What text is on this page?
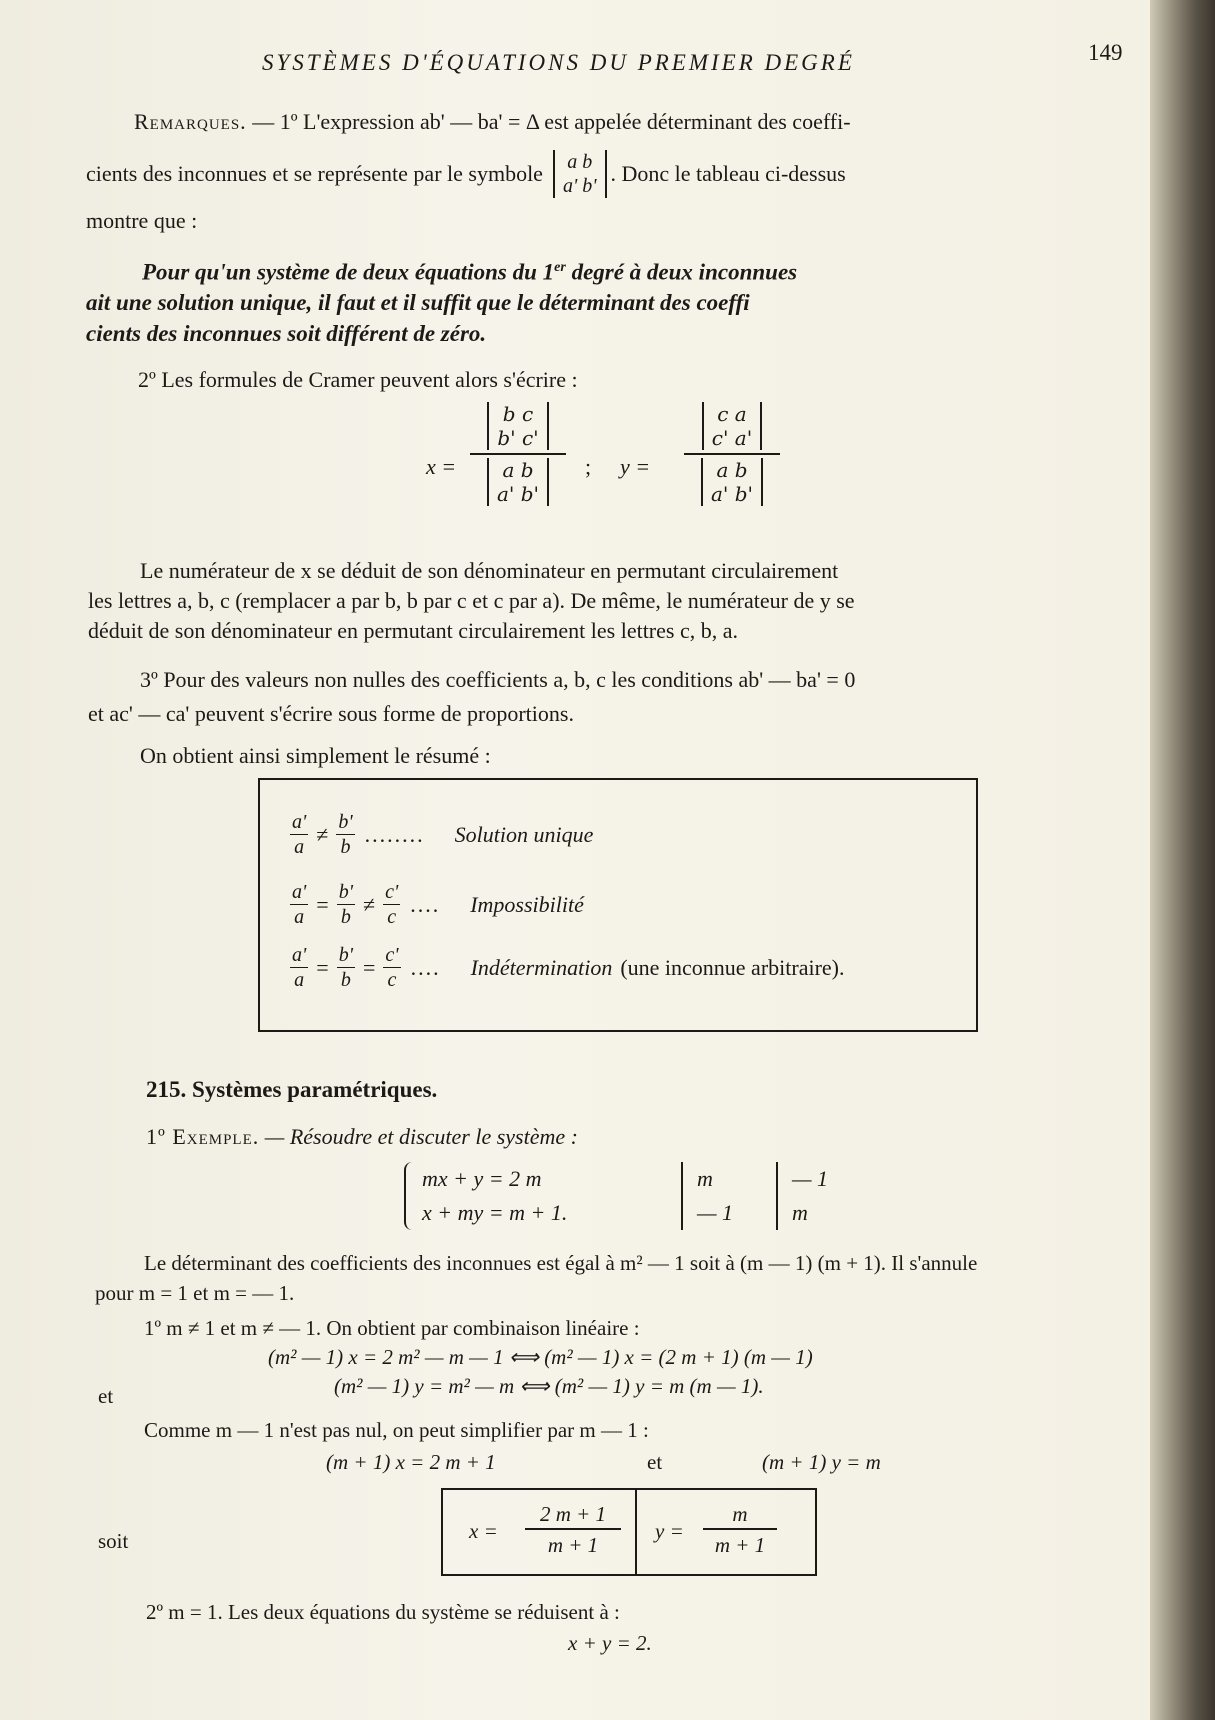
SYSTÈMES D'ÉQUATIONS DU PREMIER DEGRÉ	149
Remarques. — 1º L'expression ab' — ba' = Δ est appelée déterminant des coeffi-
cients des inconnues et se représente par le symbole a b
a' b' . Donc le tableau ci-dessus
montre que :
Pour qu'un système de deux équations du 1er degré à deux inconnues
ait une solution unique, il faut et il suffit que le déterminant des coeffi
cients des inconnues soit différent de zéro.
2º Les formules de Cramer peuvent alors s'écrire :
x =
b c
b' c'
a b
a' b'
; y =
c a
c' a'
a b
a' b'
Le numérateur de x se déduit de son dénominateur en permutant circulairement
les lettres a, b, c (remplacer a par b, b par c et c par a). De même, le numérateur de y se
déduit de son dénominateur en permutant circulairement les lettres c, b, a.
3º Pour des valeurs non nulles des coefficients a, b, c les conditions ab' — ba' = 0
et ac' — ca' peuvent s'écrire sous forme de proportions.
On obtient ainsi simplement le résumé :
$\frac{a'}{a} \ne \frac{b'}{b}$ ........	Solution unique
$\frac{a'}{a} = \frac{b'}{b} \ne \frac{c'}{c}$ ....	Impossibilité
$\frac{a'}{a} = \frac{b'}{b} = \frac{c'}{c}$ ....	Indétermination (une inconnue arbitraire).
215. Systèmes paramétriques.
1º Exemple. — Résoudre et discuter le système :
mx + y = 2 m
x + my = m + 1.
m
— 1
— 1
m
Le déterminant des coefficients des inconnues est égal à m² — 1 soit à (m — 1) (m + 1). Il s'annule
pour m = 1 et m = — 1.
1º m ≠ 1 et m ≠ — 1. On obtient par combinaison linéaire :
(m² — 1) x = 2 m² — m — 1 ⟺ (m² — 1) x = (2 m + 1) (m — 1)
et	(m² — 1) y = m² — m ⟺ (m² — 1) y = m (m — 1).
Comme m — 1 n'est pas nul, on peut simplifier par m — 1 :
(m + 1) x = 2 m + 1	et	(m + 1) y = m
soit	$x = \frac{2 m + 1}{m + 1}$ $y = \frac{m}{m + 1}$
2º m = 1. Les deux équations du système se réduisent à :
x + y = 2.
